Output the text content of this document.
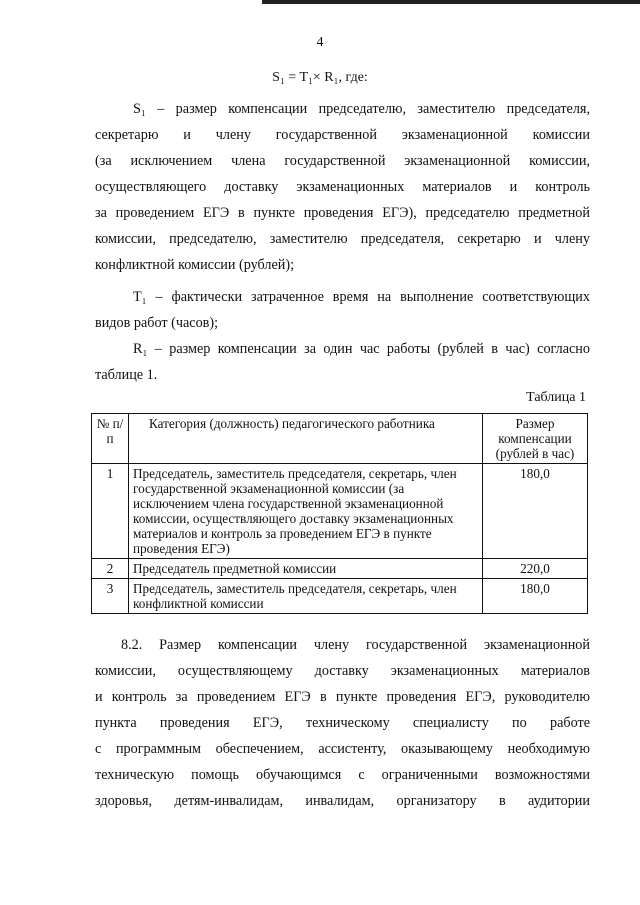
4
S₁ = T₁× R₁, где:
S₁ – размер компенсации председателю, заместителю председателя,
секретарю и члену государственной экзаменационной комиссии
(за исключением члена государственной экзаменационной комиссии,
осуществляющего доставку экзаменационных материалов и контроль
за проведением ЕГЭ в пункте проведения ЕГЭ), председателю предметной
комиссии, председателю, заместителю председателя, секретарю и члену
конфликтной комиссии (рублей);
T₁ – фактически затраченное время на выполнение соответствующих
видов работ (часов);
R₁ – размер компенсации за один час работы (рублей в час) согласно
таблице 1.
Таблица 1
№ п/п	Категория (должность) педагогического работника	Размер компенсации (рублей в час)
1	Председатель, заместитель председателя, секретарь, член государственной экзаменационной комиссии (за исключением члена государственной экзаменационной комиссии, осуществляющего доставку экзаменационных материалов и контроль за проведением ЕГЭ в пункте проведения ЕГЭ)	180,0
2	Председатель предметной комиссии	220,0
3	Председатель, заместитель председателя, секретарь, член конфликтной комиссии	180,0
8.2. Размер компенсации члену государственной экзаменационной
комиссии, осуществляющему доставку экзаменационных материалов
и контроль за проведением ЕГЭ в пункте проведения ЕГЭ, руководителю
пункта проведения ЕГЭ, техническому специалисту по работе
с программным обеспечением, ассистенту, оказывающему необходимую
техническую помощь обучающимся с ограниченными возможностями
здоровья, детям-инвалидам, инвалидам, организатору в аудитории
